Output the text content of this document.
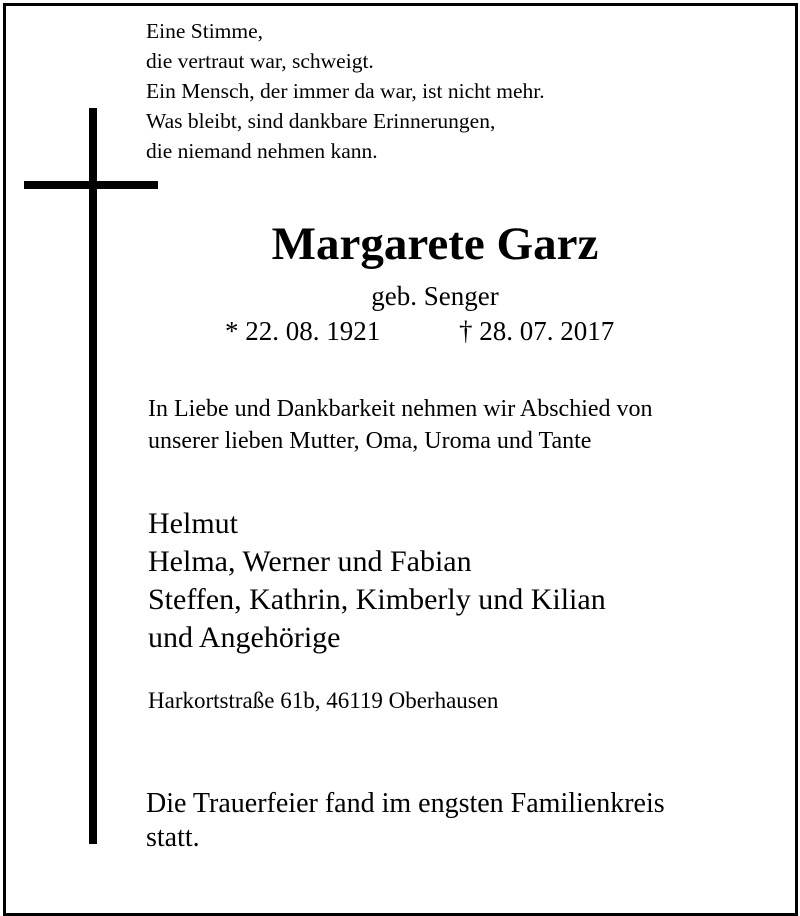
Eine Stimme,
die vertraut war, schweigt.
Ein Mensch, der immer da war, ist nicht mehr.
Was bleibt, sind dankbare Erinnerungen,
die niemand nehmen kann.
Margarete Garz
geb. Senger
* 22. 08. 1921	† 28. 07. 2017
In Liebe und Dankbarkeit nehmen wir Abschied von
unserer lieben Mutter, Oma, Uroma und Tante
Helmut
Helma, Werner und Fabian
Steffen, Kathrin, Kimberly und Kilian
und Angehörige
Harkortstraße 61b, 46119 Oberhausen
Die Trauerfeier fand im engsten Familienkreis
statt.
